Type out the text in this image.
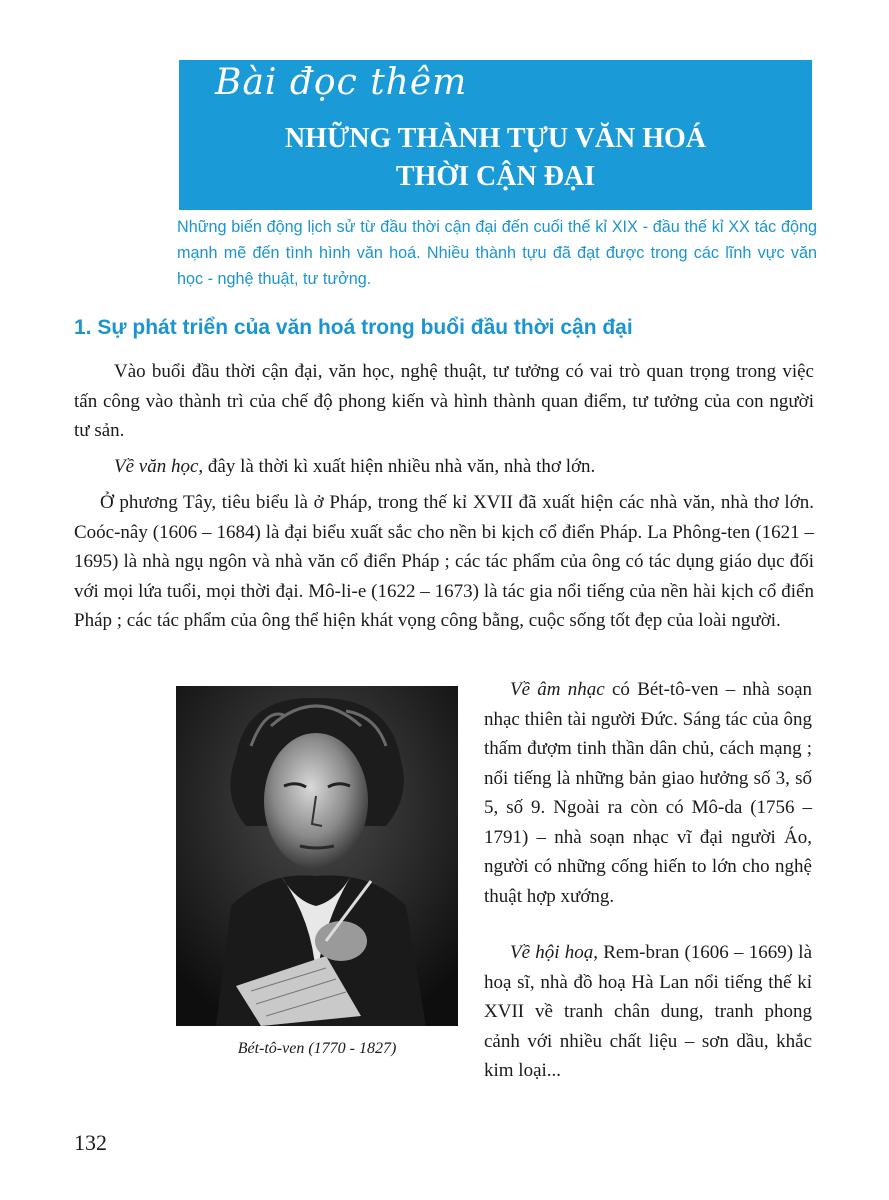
Bài đọc thêm
NHỮNG THÀNH TỰU VĂN HOÁ
THỜI CẬN ĐẠI
Những biến động lịch sử từ đầu thời cận đại đến cuối thế kỉ XIX - đầu thế kỉ XX tác động mạnh mẽ đến tình hình văn hoá. Nhiều thành tựu đã đạt được trong các lĩnh vực văn học - nghệ thuật, tư tưởng.
1. Sự phát triển của văn hoá trong buổi đầu thời cận đại

Vào buổi đầu thời cận đại, văn học, nghệ thuật, tư tưởng có vai trò quan trọng trong việc tấn công vào thành trì của chế độ phong kiến và hình thành quan điểm, tư tưởng của con người tư sản.

Về văn học, đây là thời kì xuất hiện nhiều nhà văn, nhà thơ lớn.

Ở phương Tây, tiêu biểu là ở Pháp, trong thế kỉ XVII đã xuất hiện các nhà văn, nhà thơ lớn. Coóc-nây (1606 – 1684) là đại biểu xuất sắc cho nền bi kịch cổ điển Pháp. La Phông-ten (1621 – 1695) là nhà ngụ ngôn và nhà văn cổ điển Pháp ; các tác phẩm của ông có tác dụng giáo dục đối với mọi lứa tuổi, mọi thời đại. Mô-li-e (1622 – 1673) là tác gia nổi tiếng của nền hài kịch cổ điển Pháp ; các tác phẩm của ông thể hiện khát vọng công bằng, cuộc sống tốt đẹp của loài người.

Bét-tô-ven (1770 - 1827)

Về âm nhạc có Bét-tô-ven – nhà soạn nhạc thiên tài người Đức. Sáng tác của ông thấm đượm tinh thần dân chủ, cách mạng ; nổi tiếng là những bản giao hưởng số 3, số 5, số 9. Ngoài ra còn có Mô-da (1756 – 1791) – nhà soạn nhạc vĩ đại người Áo, người có những cống hiến to lớn cho nghệ thuật hợp xướng.

Về hội hoạ, Rem-bran (1606 – 1669) là hoạ sĩ, nhà đồ hoạ Hà Lan nổi tiếng thế kỉ XVII về tranh chân dung, tranh phong cảnh với nhiều chất liệu – sơn dầu, khắc kim loại...

132
